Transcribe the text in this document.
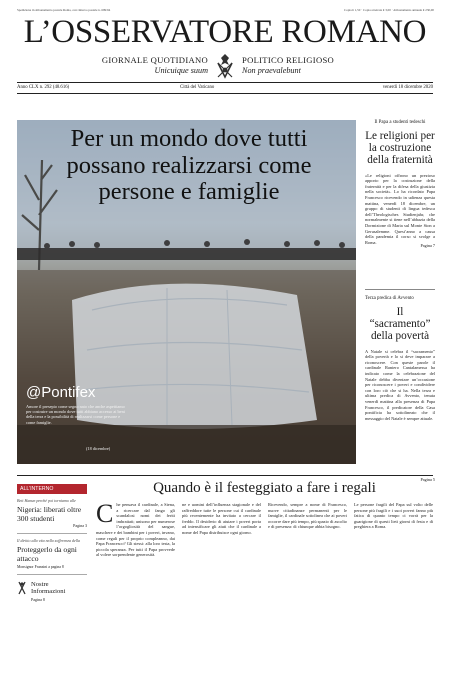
Spedizione in abbonamento postale Roma, con rinnovo postale n. 699/94	Copia € 1,50 · Copia arretrata € 3,00 · Abbonamento annuale € 230,00
L’OSSERVATORE ROMANO
GIORNALE QUOTIDIANO
Unicuique suum
POLITICO RELIGIOSO
Non praevalebunt
Anno CLX n. 292 (48.616)	Città del Vaticano	venerdì 18 dicembre 2020
Per un mondo dove tutti possano realizzarsi come persone e famiglie
@Pontifex
Amore il presepio come segno nato che anche aspettiamo per costruire un mondo dove tutti abbiano accesso ai beni della terra e la possibilità di realizzarsi come persone e come famiglie.
(18 dicembre)
Il Papa a studenti tedeschi
Le religioni per la costruzione della fraternità
«Le religioni offrono un prezioso apporto per la costruzione della fraternità e per la difesa della giustizia nella società». Lo ha ricordato Papa Francesco ricevendo in udienza questa mattina, venerdì 18 dicembre, un gruppo di studenti di lingua tedesca dell’Theologisches Studienjahr, che normalmente si tiene nell’abbazia della Dormizione di Maria sul Monte Sion a Gerusalemme. Quest’anno a causa della pandemia il corso si svolge a Roma.
Pagina 7
Terza predica di Avvento
Il “sacramento” della povertà
A Natale si celebra il “sacramento” della povertà e lo si deve imparare a riconoscere. Con queste parole il cardinale Raniero Cantalamessa ha indicato come la celebrazione del Natale debba diventare un’occasione per riconoscere i poveri e condividere con loro ciò che si ha. Nella terza e ultima predica di Avvento, tenuta venerdì mattina alla presenza di Papa Francesco, il predicatore della Casa pontificia ha sottolineato che il messaggio del Natale è sempre attuale.
Pagina 5
ALL’INTERNO
Beit Hanun perché poi torniamo alle
Nigeria: liberati oltre 300 studenti
Pagina 3
Il diritto alla vita nella sofferenza della
Proteggerlo da ogni attacco
Monsignor Franzini a pagina 8
Nostre Informazioni
Pagina 8
Quando è il festeggiato a fare i regali
C he pensava il cardinale, a Siena, a ricercare dal fango gli scandalosi nomi dei feriti imbrattati; unisono per numerose l’orgogliosità del sangue, maschere e dei bambini per i poveri, invano, come regali per il proprio compleanno, dai Papa Francesco? Gli stessi: alla loro testa, la piccola speranza. Per tutti il Papa provvede al volere sorprendente generosità.
ne e uomini dell’influenza stagionale e del raffreddore tutte le persone cui il cardinale più recentemente ha invitato a cercare il freddo. Il desiderio di aiutare i poveri porta ad intensificare gli aiuti che il cardinale a nome del Papa distribuisce ogni giorno.
Ricevendo, sempre a nome di Francesco, nuove cittadinanze permanenti per le famiglie, il cardinale sottolinea che ai poveri occorre dare più tempo, più spazio di ascolto e di presenza: di chiunque abbia bisogno.
Le persone fragili del Papa sul volto delle persone più fragili e i suoi poveri fanno più fatica di quanto tempo ci vorrà per la guarigione di questi lieti giorni di festa e di preghiera a Roma.
